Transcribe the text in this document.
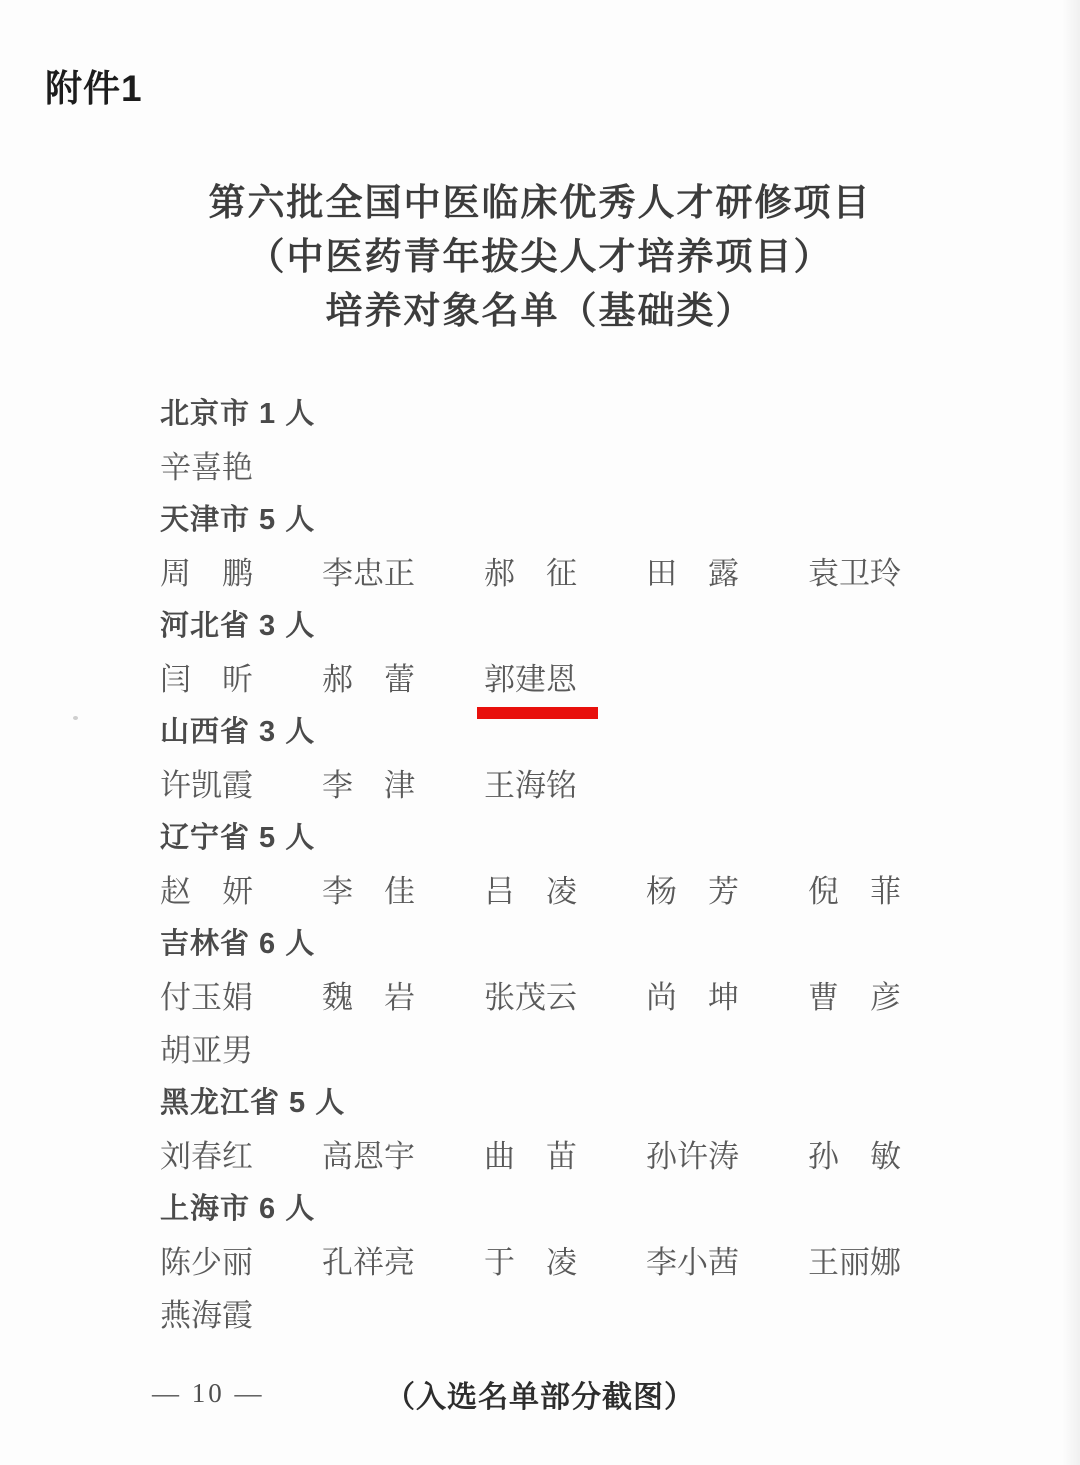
附件1
第六批全国中医临床优秀人才研修项目
（中医药青年拔尖人才培养项目）
培养对象名单（基础类）
北京市 1 人
辛喜艳
天津市 5 人
周　鹏	李忠正	郝　征	田　露	袁卫玲
河北省 3 人
闫　昕	郝　蕾	郭建恩
山西省 3 人
许凯霞	李　津	王海铭
辽宁省 5 人
赵　妍	李　佳	吕　凌	杨　芳	倪　菲
吉林省 6 人
付玉娟	魏　岩	张茂云	尚　坤	曹　彦
胡亚男
黑龙江省 5 人
刘春红	高恩宇	曲　苗	孙许涛	孙　敏
上海市 6 人
陈少丽	孔祥亮	于　凌	李小茜	王丽娜
燕海霞
— 10 —	（入选名单部分截图）
